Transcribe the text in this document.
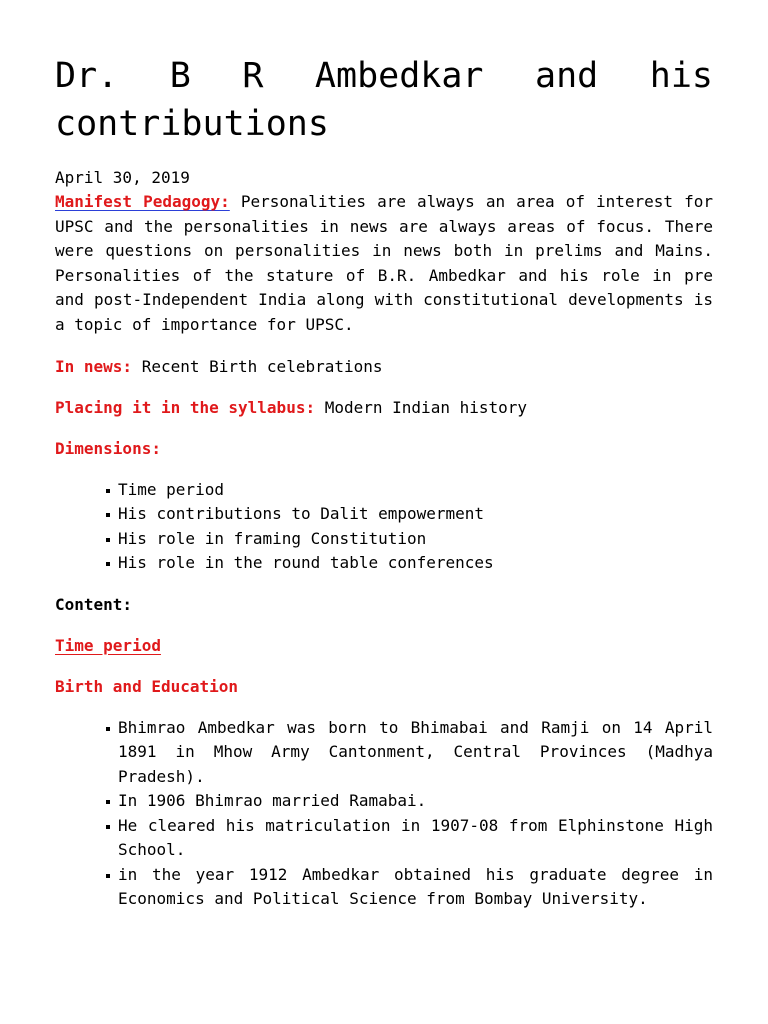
Dr. B R Ambedkar and his contributions
April 30, 2019

Manifest Pedagogy: Personalities are always an area of interest for UPSC and the personalities in news are always areas of focus. There were questions on personalities in news both in prelims and Mains. Personalities of the stature of B.R. Ambedkar and his role in pre and post-Independent India along with constitutional developments is a topic of importance for UPSC.

In news: Recent Birth celebrations
Placing it in the syllabus: Modern Indian history
Dimensions:
Time period
His contributions to Dalit empowerment
His role in framing Constitution
His role in the round table conferences
Content:
Time period
Birth and Education
Bhimrao Ambedkar was born to Bhimabai and Ramji on 14 April 1891 in Mhow Army Cantonment, Central Provinces (Madhya Pradesh).
In 1906 Bhimrao married Ramabai.
He cleared his matriculation in 1907-08 from Elphinstone High School.
in the year 1912 Ambedkar obtained his graduate degree in Economics and Political Science from Bombay University.
